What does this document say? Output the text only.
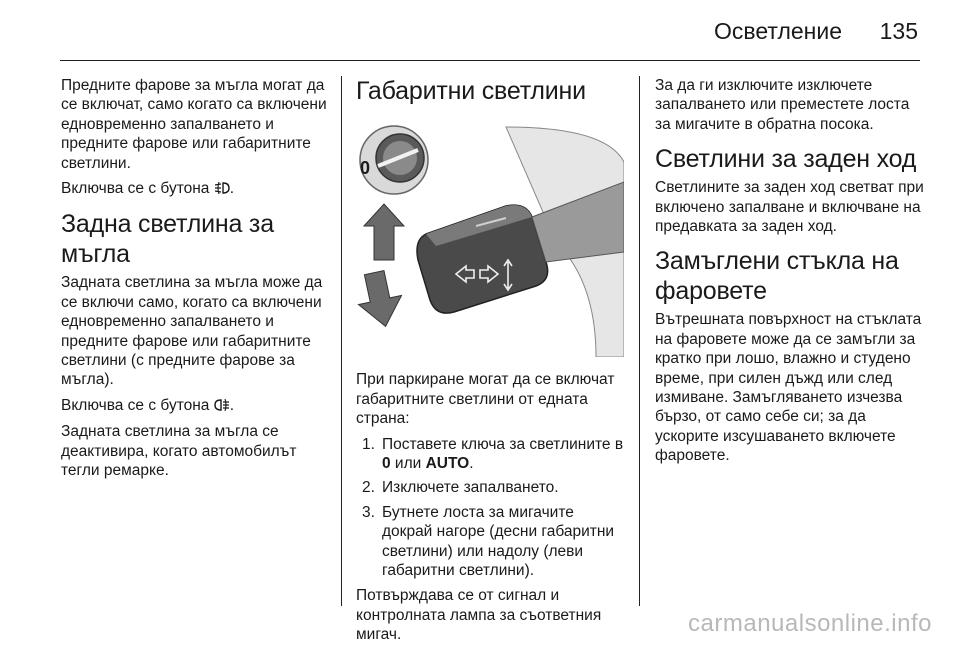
Осветление 135

Предните фарове за мъгла могат да се включат, само когато са включени едновременно запалването и предните фарове или габаритните светлини.

Включва се с бутона .

Задна светлина за мъгла

Задната светлина за мъгла може да се включи само, когато са включени едновременно запалването и предните фарове или габаритните светлини (с предните фарове за мъгла).

Включва се с бутона .

Задната светлина за мъгла се деактивира, когато автомобилът тегли ремарке.

Габаритни светлини
0

При паркиране могат да се включат габаритните светлини от едната страна:

1. Поставете ключа за светлините в 0 или AUTO.
2. Изключете запалването.
3. Бутнете лоста за мигачите докрай нагоре (десни габаритни светлини) или надолу (леви габаритни светлини).

Потвърждава се от сигнал и контролната лампа за съответния мигач.

За да ги изключите изключете запалването или преместете лоста за мигачите в обратна посока.

Светлини за заден ход

Светлините за заден ход светват при включено запалване и включване на предавката за заден ход.

Замъглени стъкла на фаровете

Вътрешната повърхност на стъклата на фаровете може да се замъгли за кратко при лошо, влажно и студено време, при силен дъжд или след измиване. Замъгляването изчезва бързо, от само себе си; за да ускорите изсушаването включете фаровете.

carmanualsonline.info
